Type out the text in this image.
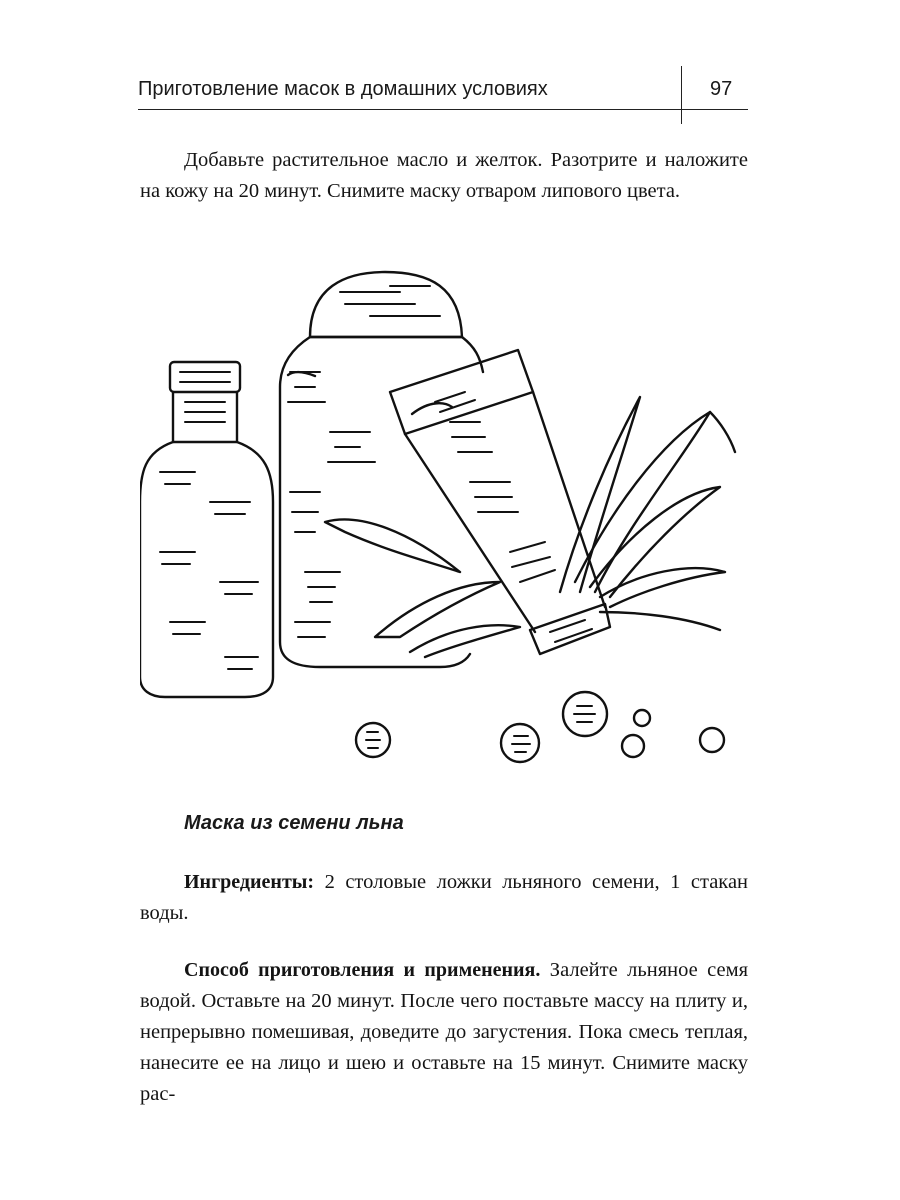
Приготовление масок в домашних условиях	97

Добавьте растительное масло и желток. Разотрите и наложите на кожу на 20 минут. Снимите маску отваром липового цвета.

Маска из семени льна

Ингредиенты: 2 столовые ложки льняного семени, 1 стакан воды.

Способ приготовления и применения. Залейте льняное семя водой. Оставьте на 20 минут. После чего поставьте массу на плиту и, непрерывно помешивая, доведите до загустения. Пока смесь теплая, нанесите ее на лицо и шею и оставьте на 15 минут. Снимите маску рас-
